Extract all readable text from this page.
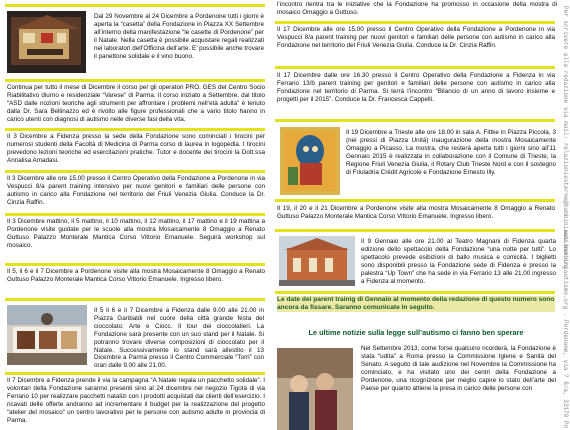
Dal 29 Novembre al 24 Dicembre a Pordenone tutti i giorni è aperta la “casetta” della Fondazione in Piazza XX Settembre all’interno della manifestazione “le casette di Pordenone” per il Natale. Nella casetta è possibile acquistare regali realizzati nei laboratori dell’Officina dell’arte. E’ possibile anche trovare il panettone solidale e il vino buono.
Continua per tutto il mese di Dicembre il corso per gli operatori PRO. GES del Centro Socio Riabilitativo diurno e residenziale “Varese” di Parma. Il corso iniziato a Settembre, dal titolo “ASD dalle nozioni teoriche agli strumenti per affrontare i problemi nell’età adulta” è tenuto dalla Dr. Sara Bellinazzo ed è rivolto alle figure professionali che a vario titolo hanno in carico utenti con diagnosi di autismo nelle diverse fasi della vita.
Il 3 Dicembre a Fidenza presso la sede della Fondazione sono cominciati i tirocini per numerosi studenti della Facoltà di Medicina di Parma corso di laurea in logopedia. I tirocini prevedono lezioni teoriche ed esercitazioni pratiche. Tutor e docente dei tirocini la Dott.ssa Annalisa Amadasi.
Il 3 Dicembre alle ore 15.00 presso il Centro Operativo della Fondazione a Pordenone in via Vespucci 8/a parent training intensivo per nuovi genitori e familiari delle persone con autismo in carico alla Fondazione nel territorio del Friuli Venezia Giulia. Conduce la Dr. Cinzia Raffin.
Il 3 Dicembre mattino, il 5 mattino, il 10 mattino, il 12 mattino, il 17 mattino e il 19 mattina a Pordenone visite guidate per le scuole alla mostra Mosaicamente 8 Omaggio a Renato Guttuso Palazzo Monterale Mantica Corso Vittorio Emanuele. Seguirà workshop sul mosaico.
Il 5, il 6 e il 7 Dicembre a Pordenone visite alla mostra Mosaicamente 8 Omaggio a Renato Guttuso Palazzo Monterale Mantica Corso Vittorio Emanuele. Ingresso libero.
Il 5 il 6 e il 7 Dicembre a Fidenza dalle 9.00 alle 21.00 in Piazza Garibaldi nel cuore della città grande festa del cioccolato: Arte e Ciocc. Il tour dei cioccolatieri. La Fondazione sarà presente con un suo stand per il Natale. Si potranno trovare diverse composizioni di cioccolato per il Natale. Successivamente lo stand sarà allestito il 13 Dicembre a Parma presso il Centro Commerciale “Torri” con orari dalle 9.00 alle 21.00.
Il 7 Dicembre a Fidenza prende il via la campagna “A Natale regala un pacchetto solidale”. I volontari della Fondazione saranno presenti sino al 24 dicembre nel negozio Tigotà di via Ferrario 10 per realizzare pacchetti natalizi con i prodotti acquistati dai clienti dell’esercizio. I ricavati delle offerte andranno ad incrementare il budget per la realizzazione del progetto “atelier del mosaico” un centro lavorativo per le persone con autismo adulte in provincia di Parma.
l’incontro rientra tra le iniziative che la Fondazione ha promosso in occasione della mostra di mosaico Omaggio a Guttuso.
Il 17 Dicembre alle ore 15.00 presso il Centro Operativo della Fondazione a Pordenone in via Vespucci 8/a parent training per nuovi genitori e familiari delle persone con autismo in carico alla Fondazione nel territorio del Friuli Venezia Giulia. Conduce la Dr. Cinzia Raffin.
Il 17 Dicembre dalle ore 16.30 presso il Centro Operativo della Fondazione a Fidenza in via Ferrario 13/b parent training per genitori e familiari delle persone con autismo in carico alla Fondazione nel territorio di Parma. Si terrà l’incontro “Bilancio di un anno di lavoro insieme e progetti per il 2015”. Conduce la Dr. Francesca Cappelli.
Il 19 Dicembre a Trieste alle ore 18.00 in sala A. Fittke in Piazza Piccola, 3 (nei pressi di Piazza Unità) inaugurazione della mostra Mosaicamente Omaggio a Picasso. La mostra, che resterà aperta tutti i giorni sino all’11 Gennaio 2015 è realizzata in collaborazione con il Comune di Trieste, la Regione Friuli Venezia Giulia, il Rotary Club Trieste Nord e con il sostegno di Friuladria Crédit Agricole e Fondazione Ernesto Illy.
Il 19, il 20 e il 21 Dicembre a Pordenone visite alla mostra Mosaicamente 8 Omaggio a Renato Guttuso Palazzo Monterale Mantica Corso Vittorio Emanuele. Ingresso libero.
Il 9 Gennaio alle ore 21.00 al Teatro Magnani di Fidenza quarta edizione dello spettacolo della Fondazione “una notte per tutti”. Lo spettacolo prevede esibizioni di ballo musica e comicità. I biglietti sono disponibili presso la Fondazione sede di Fidenza e presso la palestra “Up Town” che ha sede in via Ferrario 13 alle 21.00 ingresso a Fidenza al momento.
Le date dei parent trainig di Gennaio al momento della redazione di questo numero sono ancora da fissare. Saranno comunicate in seguito.
Le ultime notizie sulla legge sull’autismo ci fanno ben sperare
Nel Settembre 2013, come forse qualcuno ricorderà, la Fondazione è stata “udita” a Roma presso la Commissione Igiene e Sanità del Senato. A seguito di tale audizione nel Novembre la Commissione ha cominciato, e ha visitato uno dei centri della Fondazione a Pordenone, una ricognizione per meglio capire lo stato dell’arte del Paese per quanto attiene la presa in carico delle persone con
Per scrivere alla redazione via mail: relazioniesterne@bambiniautismo.org
www.bambiniautismo.org - Pordenone, via ? 8/a, 33170 Pn
